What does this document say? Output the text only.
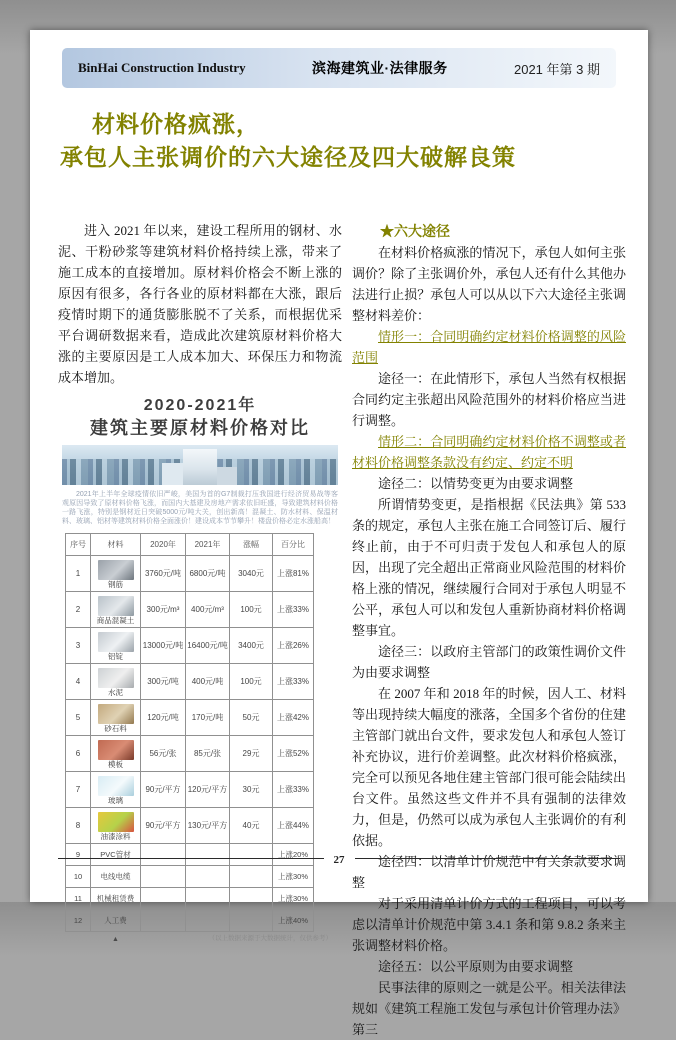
BinHai Construction Industry	滨海建筑业·法律服务	2021 年第 3 期
材料价格疯涨，
承包人主张调价的六大途径及四大破解良策

进入 2021 年以来，建设工程所用的钢材、水泥、干粉砂浆等建筑材料价格持续上涨，带来了施工成本的直接增加。原材料价格会不断上涨的原因有很多，各行各业的原材料都在大涨，跟后疫情时期下的通货膨胀脱不了关系，而根据优采平台调研数据来看，造成此次建筑原材料价格大涨的主要原因是工人成本加大、环保压力和物流成本增加。

2020-2021年
建筑主要原材料价格对比

2021年上半年全球疫情依旧严峻，美国为首的G7制裁打压我国进行经济贸易战等客观原因导致了原材料价格飞涨，而国内大基建及房地产需求依旧旺盛，导致建筑材料价格一路飞涨，特别是钢材近日突破5000元/吨大关，创出新高！混凝土、防水材料、保温材料、玻璃、铝材等建筑材料价格全面涨价！建设成本节节攀升！楼盘价格必定水涨船高！

序号	材料	2020年	2021年	涨幅	百分比
1	钢筋	3760元/吨	6800元/吨	3040元	上涨81%
2	商品混凝土	300元/m³	400元/m³	100元	上涨33%
3	铝锭	13000元/吨	16400元/吨	3400元	上涨26%
4	水泥	300元/吨	400元/吨	100元	上涨33%
5	砂石料	120元/吨	170元/吨	50元	上涨42%
6	模板	56元/张	85元/张	29元	上涨52%
7	玻璃	90元/平方	120元/平方	30元	上涨33%
8	油漆涂料	90元/平方	130元/平方	40元	上涨44%
9	PVC管材				上涨20%
10	电线电缆				上涨30%
11	机械租赁费				上涨30%
12	人工费				上涨40%
▲	（以上数据来源于大数据统计，仅供参考）
★六大途径

在材料价格疯涨的情况下，承包人如何主张调价？除了主张调价外，承包人还有什么其他办法进行止损？承包人可以从以下六大途径主张调整材料差价：

情形一：合同明确约定材料价格调整的风险范围

途径一：在此情形下，承包人当然有权根据合同约定主张超出风险范围外的材料价格应当进行调整。

情形二：合同明确约定材料价格不调整或者材料价格调整条款没有约定、约定不明

途径二：以情势变更为由要求调整

所谓情势变更，是指根据《民法典》第 533 条的规定，承包人主张在施工合同签订后、履行终止前，由于不可归责于发包人和承包人的原因，出现了完全超出正常商业风险范围的材料价格上涨的情况，继续履行合同对于承包人明显不公平，承包人可以和发包人重新协商材料价格调整事宜。

途径三：以政府主管部门的政策性调价文件为由要求调整

在 2007 年和 2018 年的时候，因人工、材料等出现持续大幅度的涨落，全国多个省份的住建主管部门就出台文件，要求发包人和承包人签订补充协议，进行价差调整。此次材料价格疯涨，完全可以预见各地住建主管部门很可能会陆续出台文件。虽然这些文件并不具有强制的法律效力，但是，仍然可以成为承包人主张调价的有利依据。

途径四：以清单计价规范中有关条款要求调整

对于采用清单计价方式的工程项目，可以考虑以清单计价规范中第 3.4.1 条和第 9.8.2 条来主张调整材料价格。

途径五：以公平原则为由要求调整

民事法律的原则之一就是公平。相关法律法规如《建筑工程施工发包与承包计价管理办法》第三

$^{27}$
